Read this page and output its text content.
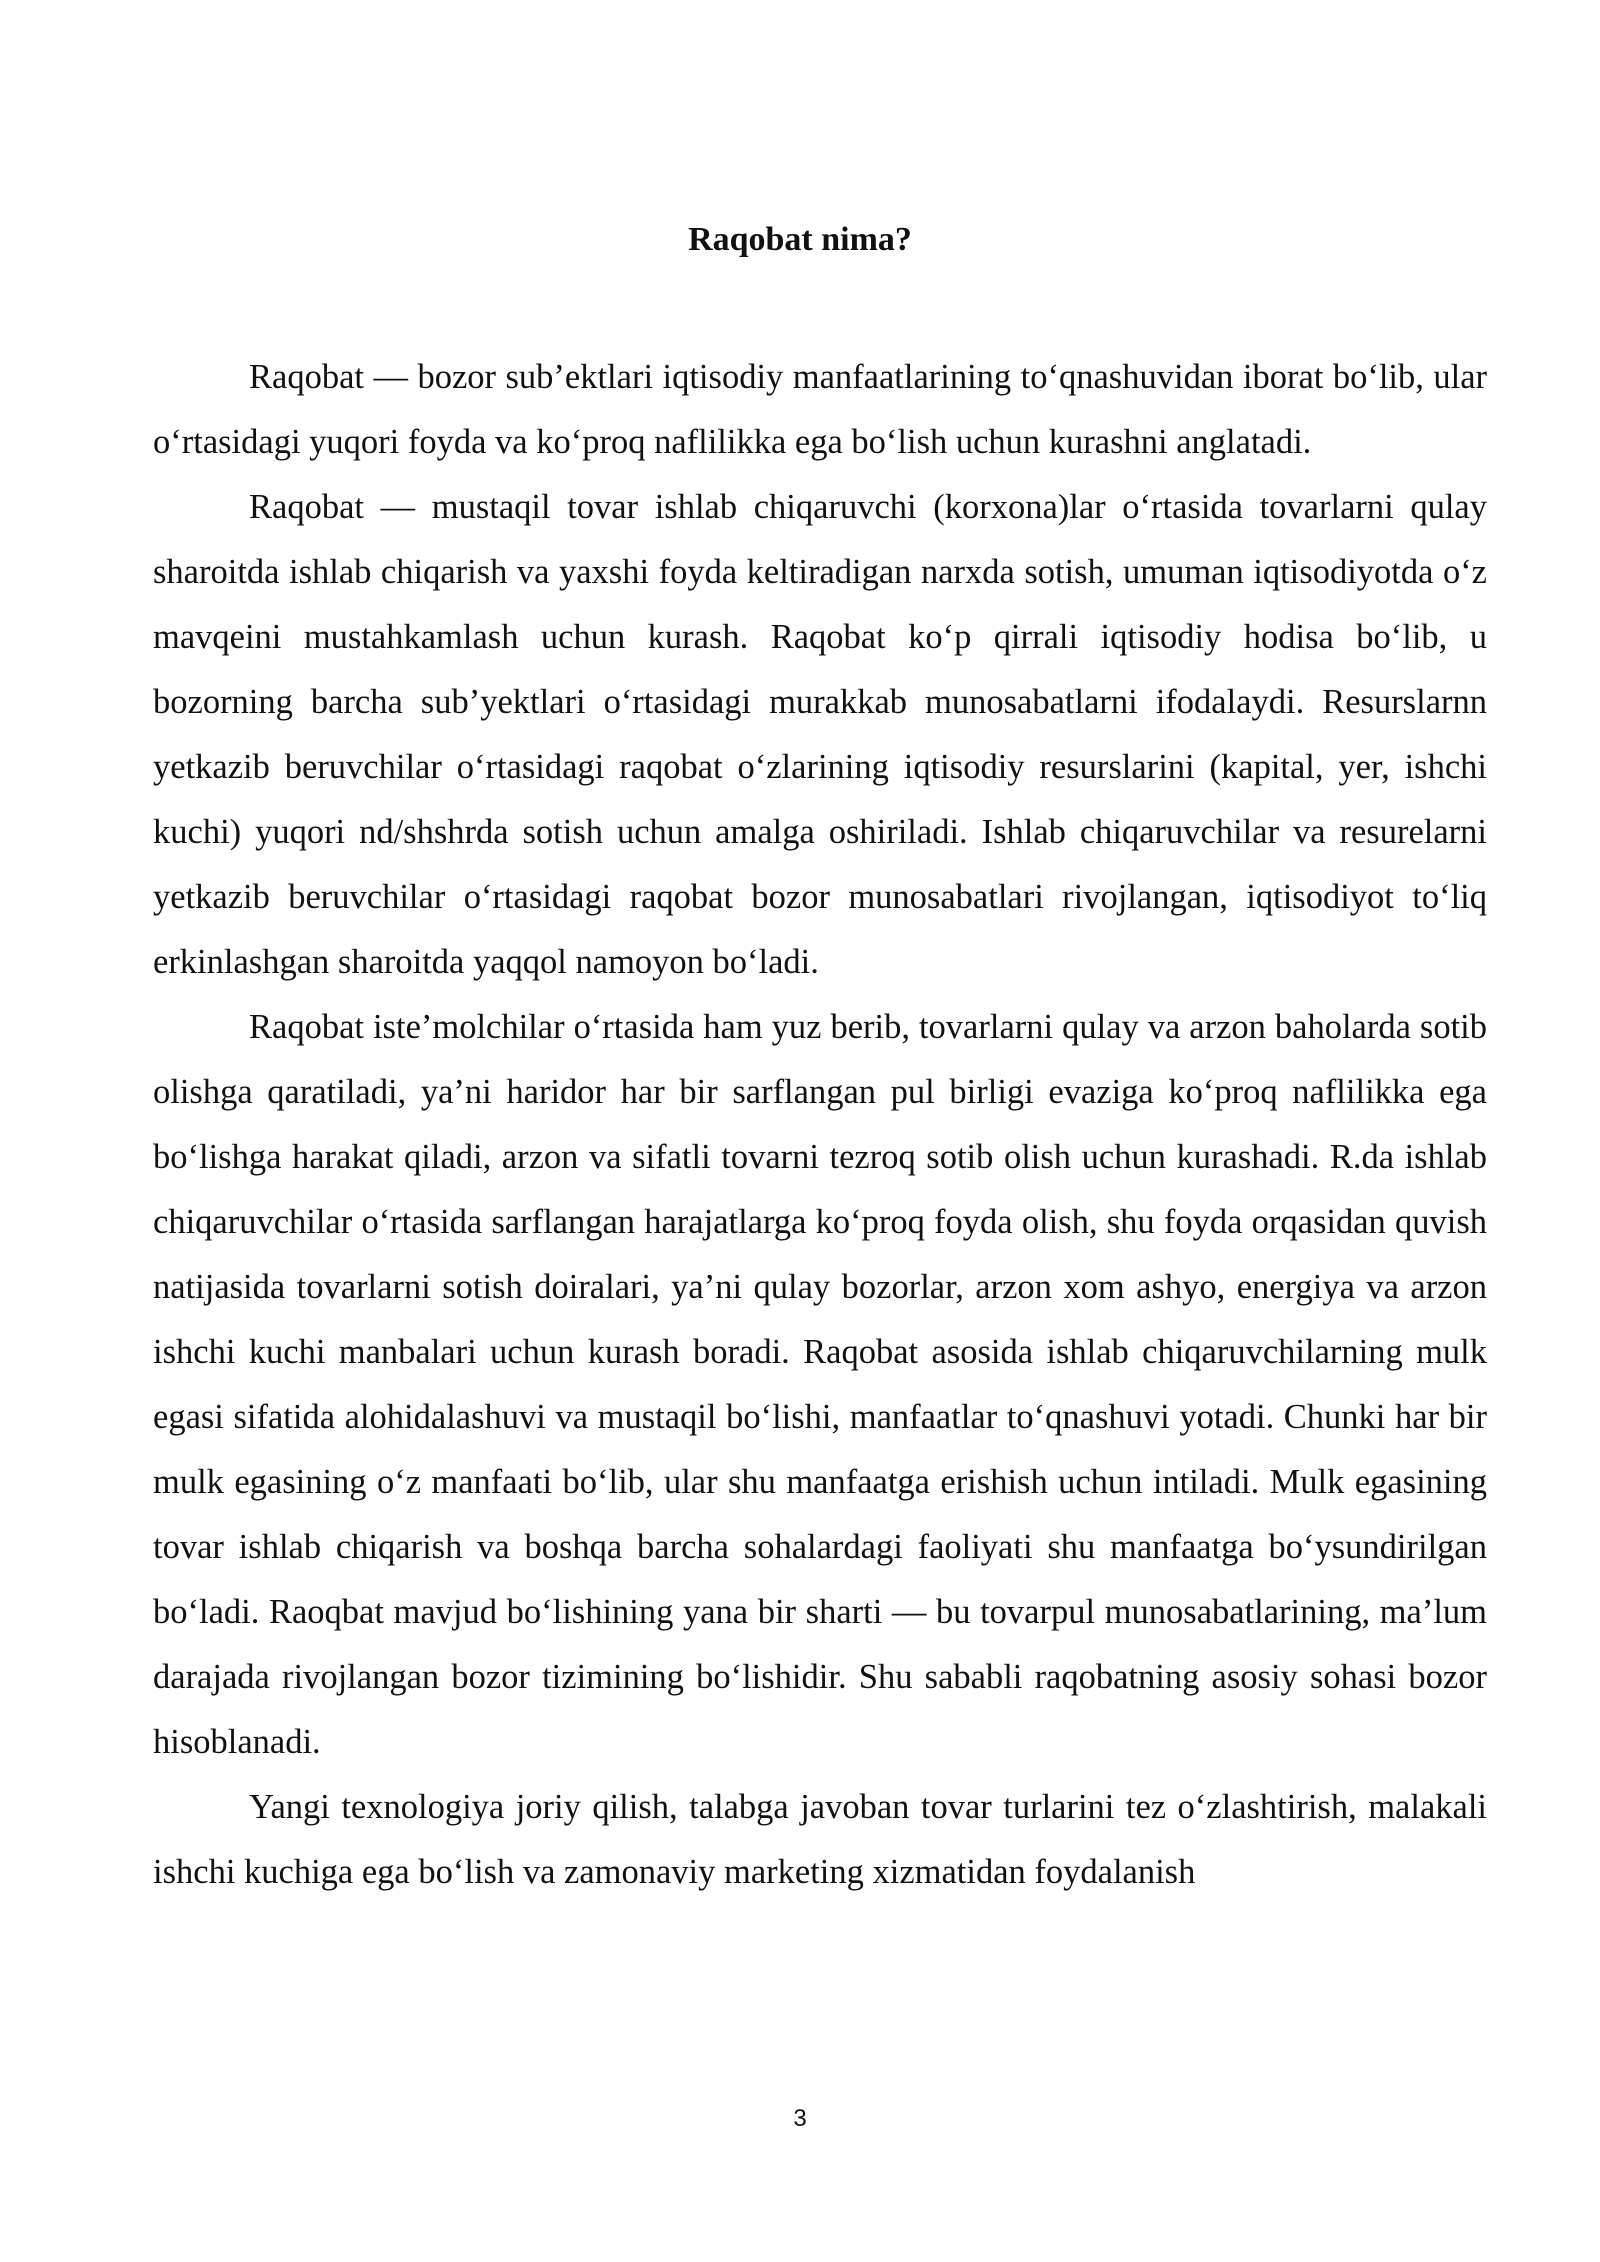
Raqobat nima?

Raqobat — bozor sub’ektlari iqtisodiy manfaatlarining to‘qnashuvidan iborat bo‘lib, ular o‘rtasidagi yuqori foyda va ko‘proq naflilikka ega bo‘lish uchun kurashni anglatadi.

Raqobat — mustaqil tovar ishlab chiqaruvchi (korxona)lar o‘rtasida tovarlarni qulay sharoitda ishlab chiqarish va yaxshi foyda keltiradigan narxda sotish, umuman iqtisodiyotda o‘z mavqeini mustahkamlash uchun kurash. Raqobat ko‘p qirrali iqtisodiy hodisa bo‘lib, u bozorning barcha sub’yektlari o‘rtasidagi murakkab munosabatlarni ifodalaydi. Resurslarnn yetkazib beruvchilar o‘rtasidagi raqobat o‘zlarining iqtisodiy resurslarini (kapital, yer, ishchi kuchi) yuqori nd/shshrda sotish uchun amalga oshiriladi. Ishlab chiqaruvchilar va resurelarni yetkazib beruvchilar o‘rtasidagi raqobat bozor munosabatlari rivojlangan, iqtisodiyot to‘liq erkinlashgan sharoitda yaqqol namoyon bo‘ladi.

Raqobat iste’molchilar o‘rtasida ham yuz berib, tovarlarni qulay va arzon baholarda sotib olishga qaratiladi, ya’ni haridor har bir sarflangan pul birligi evaziga ko‘proq naflilikka ega bo‘lishga harakat qiladi, arzon va sifatli tovarni tezroq sotib olish uchun kurashadi. R.da ishlab chiqaruvchilar o‘rtasida sarflangan harajatlarga ko‘proq foyda olish, shu foyda orqasidan quvish natijasida tovarlarni sotish doiralari, ya’ni qulay bozorlar, arzon xom ashyo, energiya va arzon ishchi kuchi manbalari uchun kurash boradi. Raqobat asosida ishlab chiqaruvchilarning mulk egasi sifatida alohidalashuvi va mustaqil bo‘lishi, manfaatlar to‘qnashuvi yotadi. Chunki har bir mulk egasining o‘z manfaati bo‘lib, ular shu manfaatga erishish uchun intiladi. Mulk egasining tovar ishlab chiqarish va boshqa barcha sohalardagi faoliyati shu manfaatga bo‘ysundirilgan bo‘ladi. Raoqbat mavjud bo‘lishining yana bir sharti — bu tovarpul munosabatlarining, ma’lum darajada rivojlangan bozor tizimining bo‘lishidir. Shu sababli raqobatning asosiy sohasi bozor hisoblanadi.

Yangi texnologiya joriy qilish, talabga javoban tovar turlarini tez o‘zlashtirish, malakali ishchi kuchiga ega bo‘lish va zamonaviy marketing xizmatidan foydalanish

3
